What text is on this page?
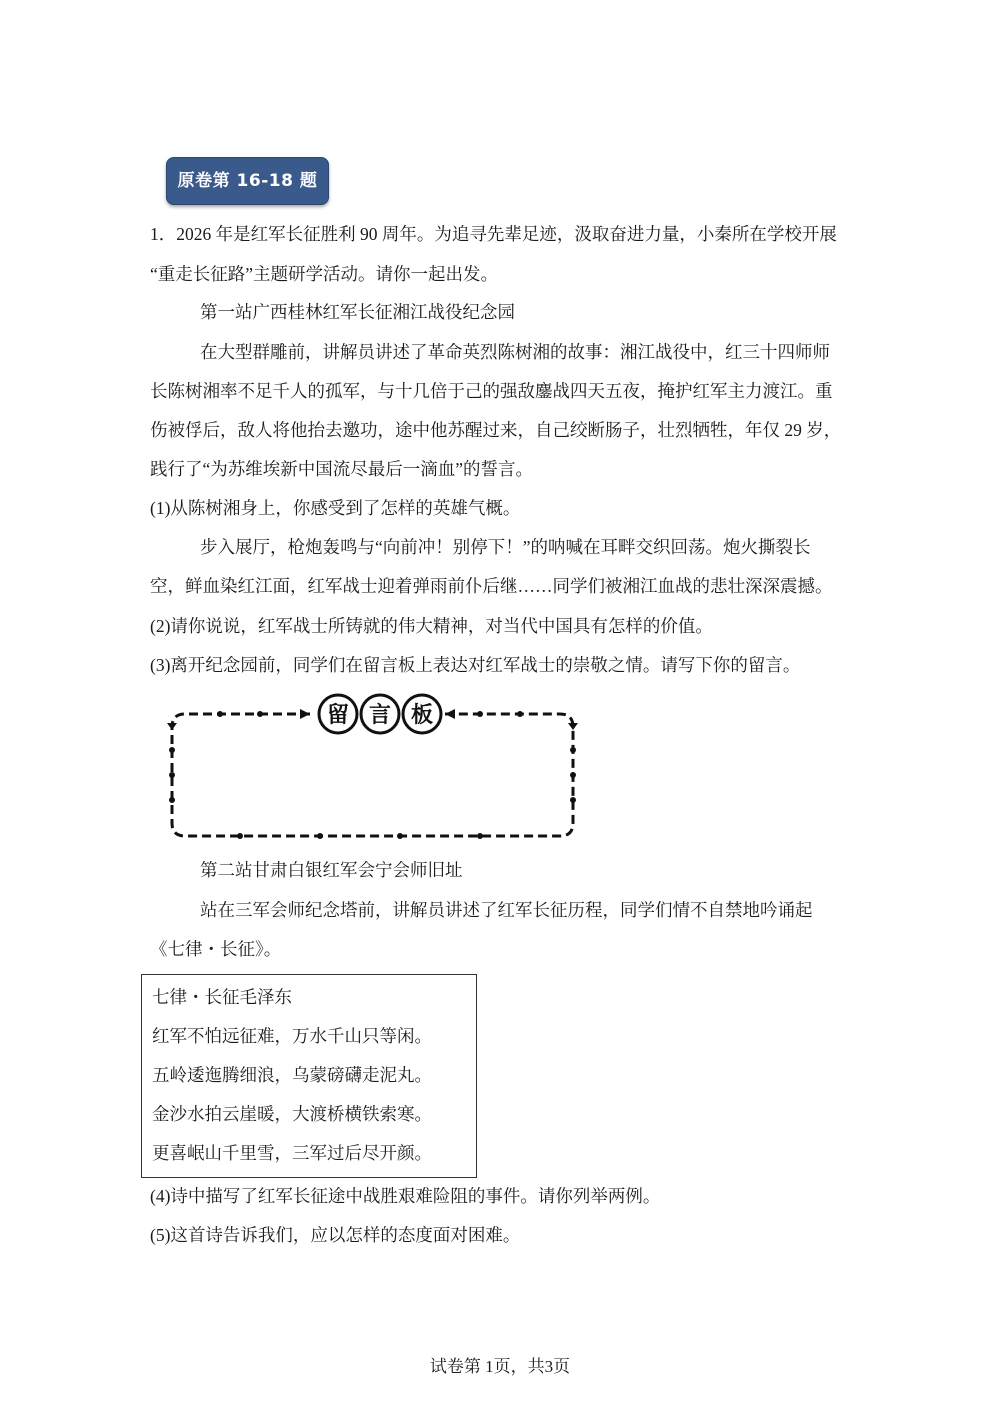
原卷第 16-18 题
1．2026 年是红军长征胜利 90 周年。为追寻先辈足迹，汲取奋进力量，小秦所在学校开展
“重走长征路”主题研学活动。请你一起出发。
第一站广西桂林红军长征湘江战役纪念园
在大型群雕前，讲解员讲述了革命英烈陈树湘的故事：湘江战役中，红三十四师师
长陈树湘率不足千人的孤军，与十几倍于己的强敌鏖战四天五夜，掩护红军主力渡江。重
伤被俘后，敌人将他抬去邀功，途中他苏醒过来，自己绞断肠子，壮烈牺牲，年仅 29 岁，
践行了“为苏维埃新中国流尽最后一滴血”的誓言。
(1)从陈树湘身上，你感受到了怎样的英雄气概。
步入展厅，枪炮轰鸣与“向前冲！别停下！”的呐喊在耳畔交织回荡。炮火撕裂长
空，鲜血染红江面，红军战士迎着弹雨前仆后继……同学们被湘江血战的悲壮深深震撼。
(2)请你说说，红军战士所铸就的伟大精神，对当代中国具有怎样的价值。
(3)离开纪念园前，同学们在留言板上表达对红军战士的崇敬之情。请写下你的留言。
留 言 板
第二站甘肃白银红军会宁会师旧址
站在三军会师纪念塔前，讲解员讲述了红军长征历程，同学们情不自禁地吟诵起
《七律・长征》。
七律・长征毛泽东
红军不怕远征难，万水千山只等闲。
五岭逶迤腾细浪，乌蒙磅礴走泥丸。
金沙水拍云崖暖，大渡桥横铁索寒。
更喜岷山千里雪，三军过后尽开颜。
(4)诗中描写了红军长征途中战胜艰难险阻的事件。请你列举两例。
(5)这首诗告诉我们，应以怎样的态度面对困难。
试卷第 1页，共3页
